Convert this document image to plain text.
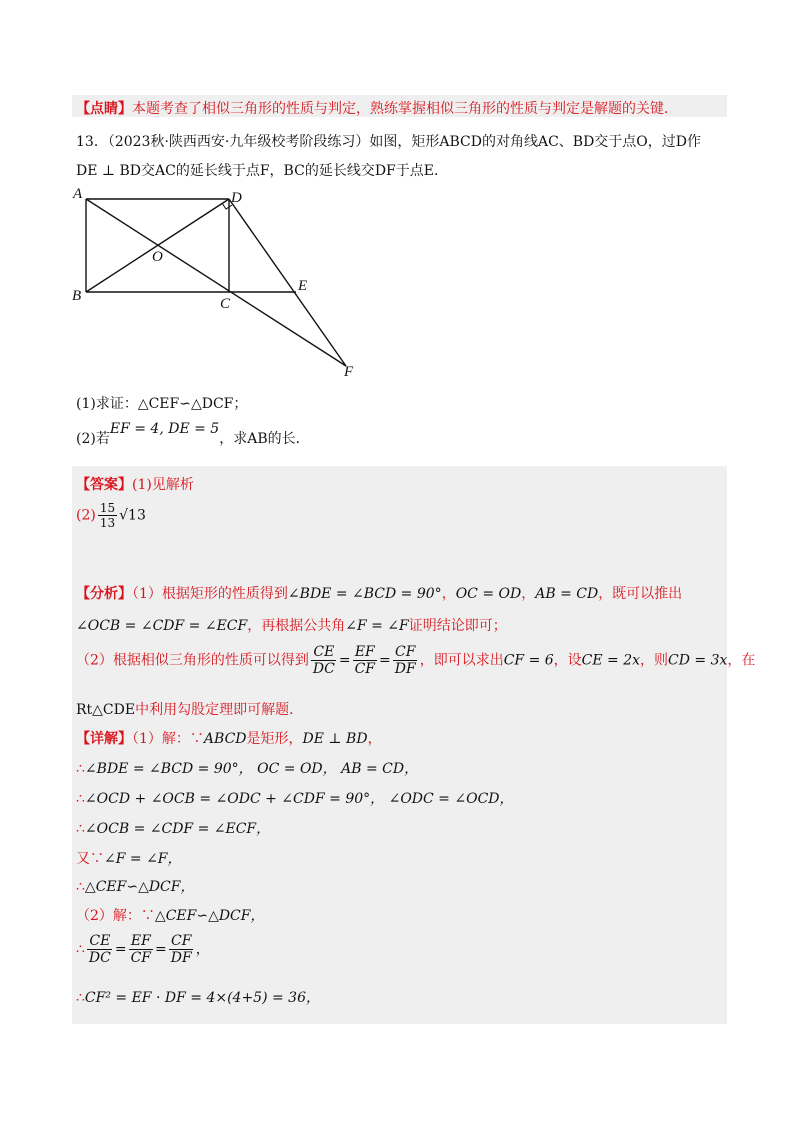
【点睛】本题考查了相似三角形的性质与判定，熟练掌握相似三角形的性质与判定是解题的关键．
13．（2023秋·陕西西安·九年级校考阶段练习）如图，矩形ABCD的对角线AC、BD交于点O，过D作
DE ⊥ BD交AC的延长线于点F，BC的延长线交DF于点E．
A	D
O
B	C
E
F
(1)求证：△CEF∽△DCF；
(2)若EF = 4, DE = 5，求AB的长．
【答案】(1)见解析
$(2) \frac{15}{13} √13$
【分析】（1）根据矩形的性质得到∠BDE = ∠BCD = 90°，OC = OD，AB = CD，既可以推出
∠OCB = ∠CDF = ∠ECF，再根据公共角∠F = ∠F证明结论即可；
（2）根据相似三角形的性质可以得到 $\frac{CE}{DC} = \frac{EF}{CF} = \frac{CF}{DF}$ ，即可以求出CF = 6，设CE = 2x，则CD = 3x，在
Rt△CDE中利用勾股定理即可解题．
【详解】（1）解：∵ABCD是矩形，DE ⊥ BD，
∴∠BDE = ∠BCD = 90°， OC = OD， AB = CD，
∴∠OCD + ∠OCB = ∠ODC + ∠CDF = 90°， ∠ODC = ∠OCD，
∴∠OCB = ∠CDF = ∠ECF，
又∵∠F = ∠F，
∴△CEF∽△DCF，
（2）解：∵△CEF∽△DCF，
∴ $\frac{CE}{DC} = \frac{EF}{CF} = \frac{CF}{DF}$ ，
∴CF² = EF · DF = 4×(4+5) = 36，
